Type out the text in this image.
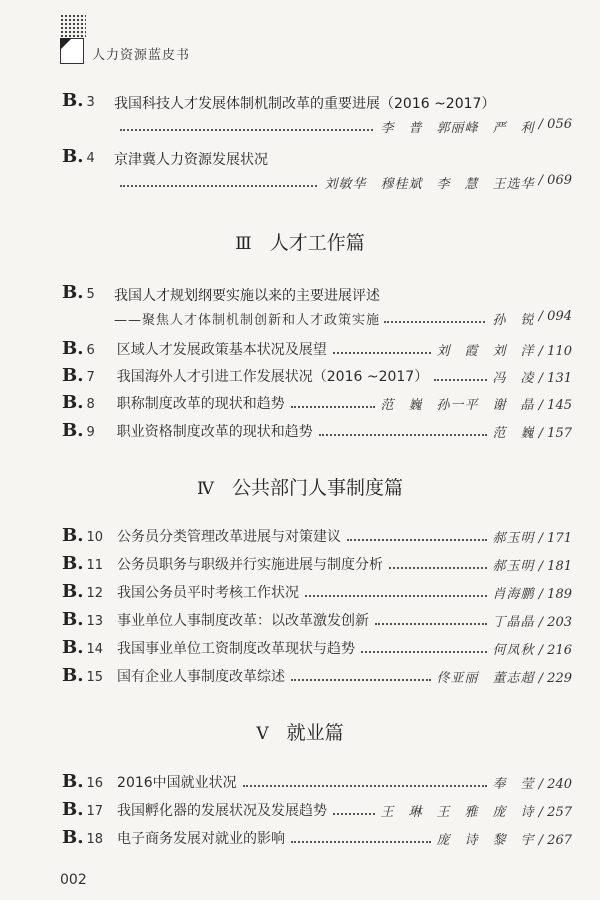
人力资源蓝皮书
B. 3 我国科技人才发展体制机制改革的重要进展（2016 ~2017）
李　普　郭丽峰　严　利 / 056
B. 4 京津冀人力资源发展状况
刘敏华　穆桂斌　李　慧　王选华 / 069
Ⅲ 人才工作篇
B. 5 我国人才规划纲要实施以来的主要进展评述
——聚焦人才体制机制创新和人才政策实施	孙　锐 / 094
B. 6 区域人才发展政策基本状况及展望	刘　霞　刘　洋 / 110
B. 7 我国海外人才引进工作发展状况（2016 ~2017）	冯　凌 / 131
B. 8 职称制度改革的现状和趋势	范　巍　孙一平　谢　晶 / 145
B. 9 职业资格制度改革的现状和趋势	范　巍 / 157
Ⅳ 公共部门人事制度篇
B. 10 公务员分类管理改革进展与对策建议	郝玉明 / 171
B. 11 公务员职务与职级并行实施进展与制度分析	郝玉明 / 181
B. 12 我国公务员平时考核工作状况	肖海鹏 / 189
B. 13 事业单位人事制度改革：以改革激发创新	丁晶晶 / 203
B. 14 我国事业单位工资制度改革现状与趋势	何凤秋 / 216
B. 15 国有企业人事制度改革综述	佟亚丽　董志超 / 229
Ⅴ 就业篇
B. 16 2016中国就业状况	奉　莹 / 240
B. 17 我国孵化器的发展状况及发展趋势	王　琳　王　雅　庞　诗 / 257
B. 18 电子商务发展对就业的影响	庞　诗　黎　宇 / 267
002
